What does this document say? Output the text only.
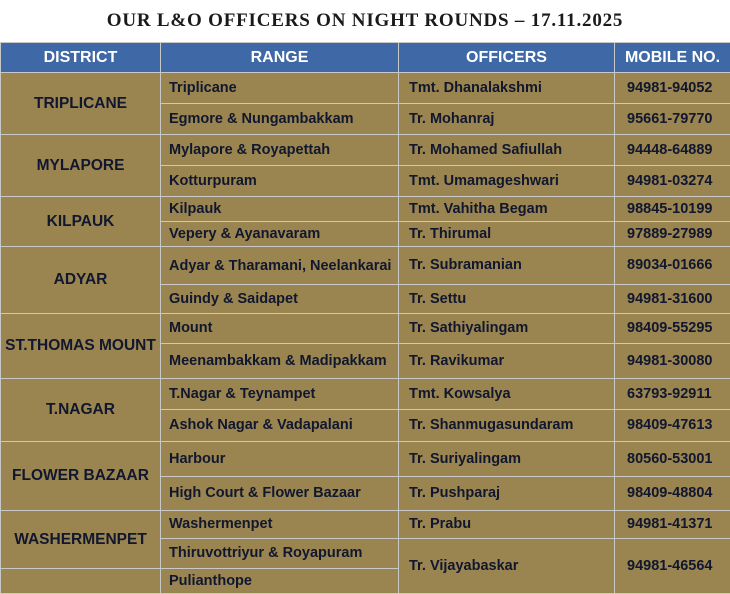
OUR L&O OFFICERS ON NIGHT ROUNDS – 17.11.2025
DISTRICT	RANGE	OFFICERS	MOBILE NO.
TRIPLICANE	Triplicane	Tmt. Dhanalakshmi	94981-94052
	Egmore & Nungambakkam	Tr. Mohanraj	95661-79770
MYLAPORE	Mylapore & Royapettah	Tr. Mohamed Safiullah	94448-64889
	Kotturpuram	Tmt. Umamageshwari	94981-03274
KILPAUK	Kilpauk	Tmt. Vahitha Begam	98845-10199
	Vepery & Ayanavaram	Tr. Thirumal	97889-27989
ADYAR	Adyar & Tharamani, Neelankarai	Tr. Subramanian	89034-01666
	Guindy & Saidapet	Tr. Settu	94981-31600
ST.THOMAS MOUNT	Mount	Tr. Sathiyalingam	98409-55295
	Meenambakkam & Madipakkam	Tr. Ravikumar	94981-30080
T.NAGAR	T.Nagar & Teynampet	Tmt. Kowsalya	63793-92911
	Ashok Nagar & Vadapalani	Tr. Shanmugasundaram	98409-47613
FLOWER BAZAAR	Harbour	Tr. Suriyalingam	80560-53001
	High Court & Flower Bazaar	Tr. Pushparaj	98409-48804
WASHERMENPET	Washermenpet	Tr. Prabu	94981-41371
	Thiruvottriyur & Royapuram	Tr. Vijayabaskar	94981-46564
	Pulianthope		
